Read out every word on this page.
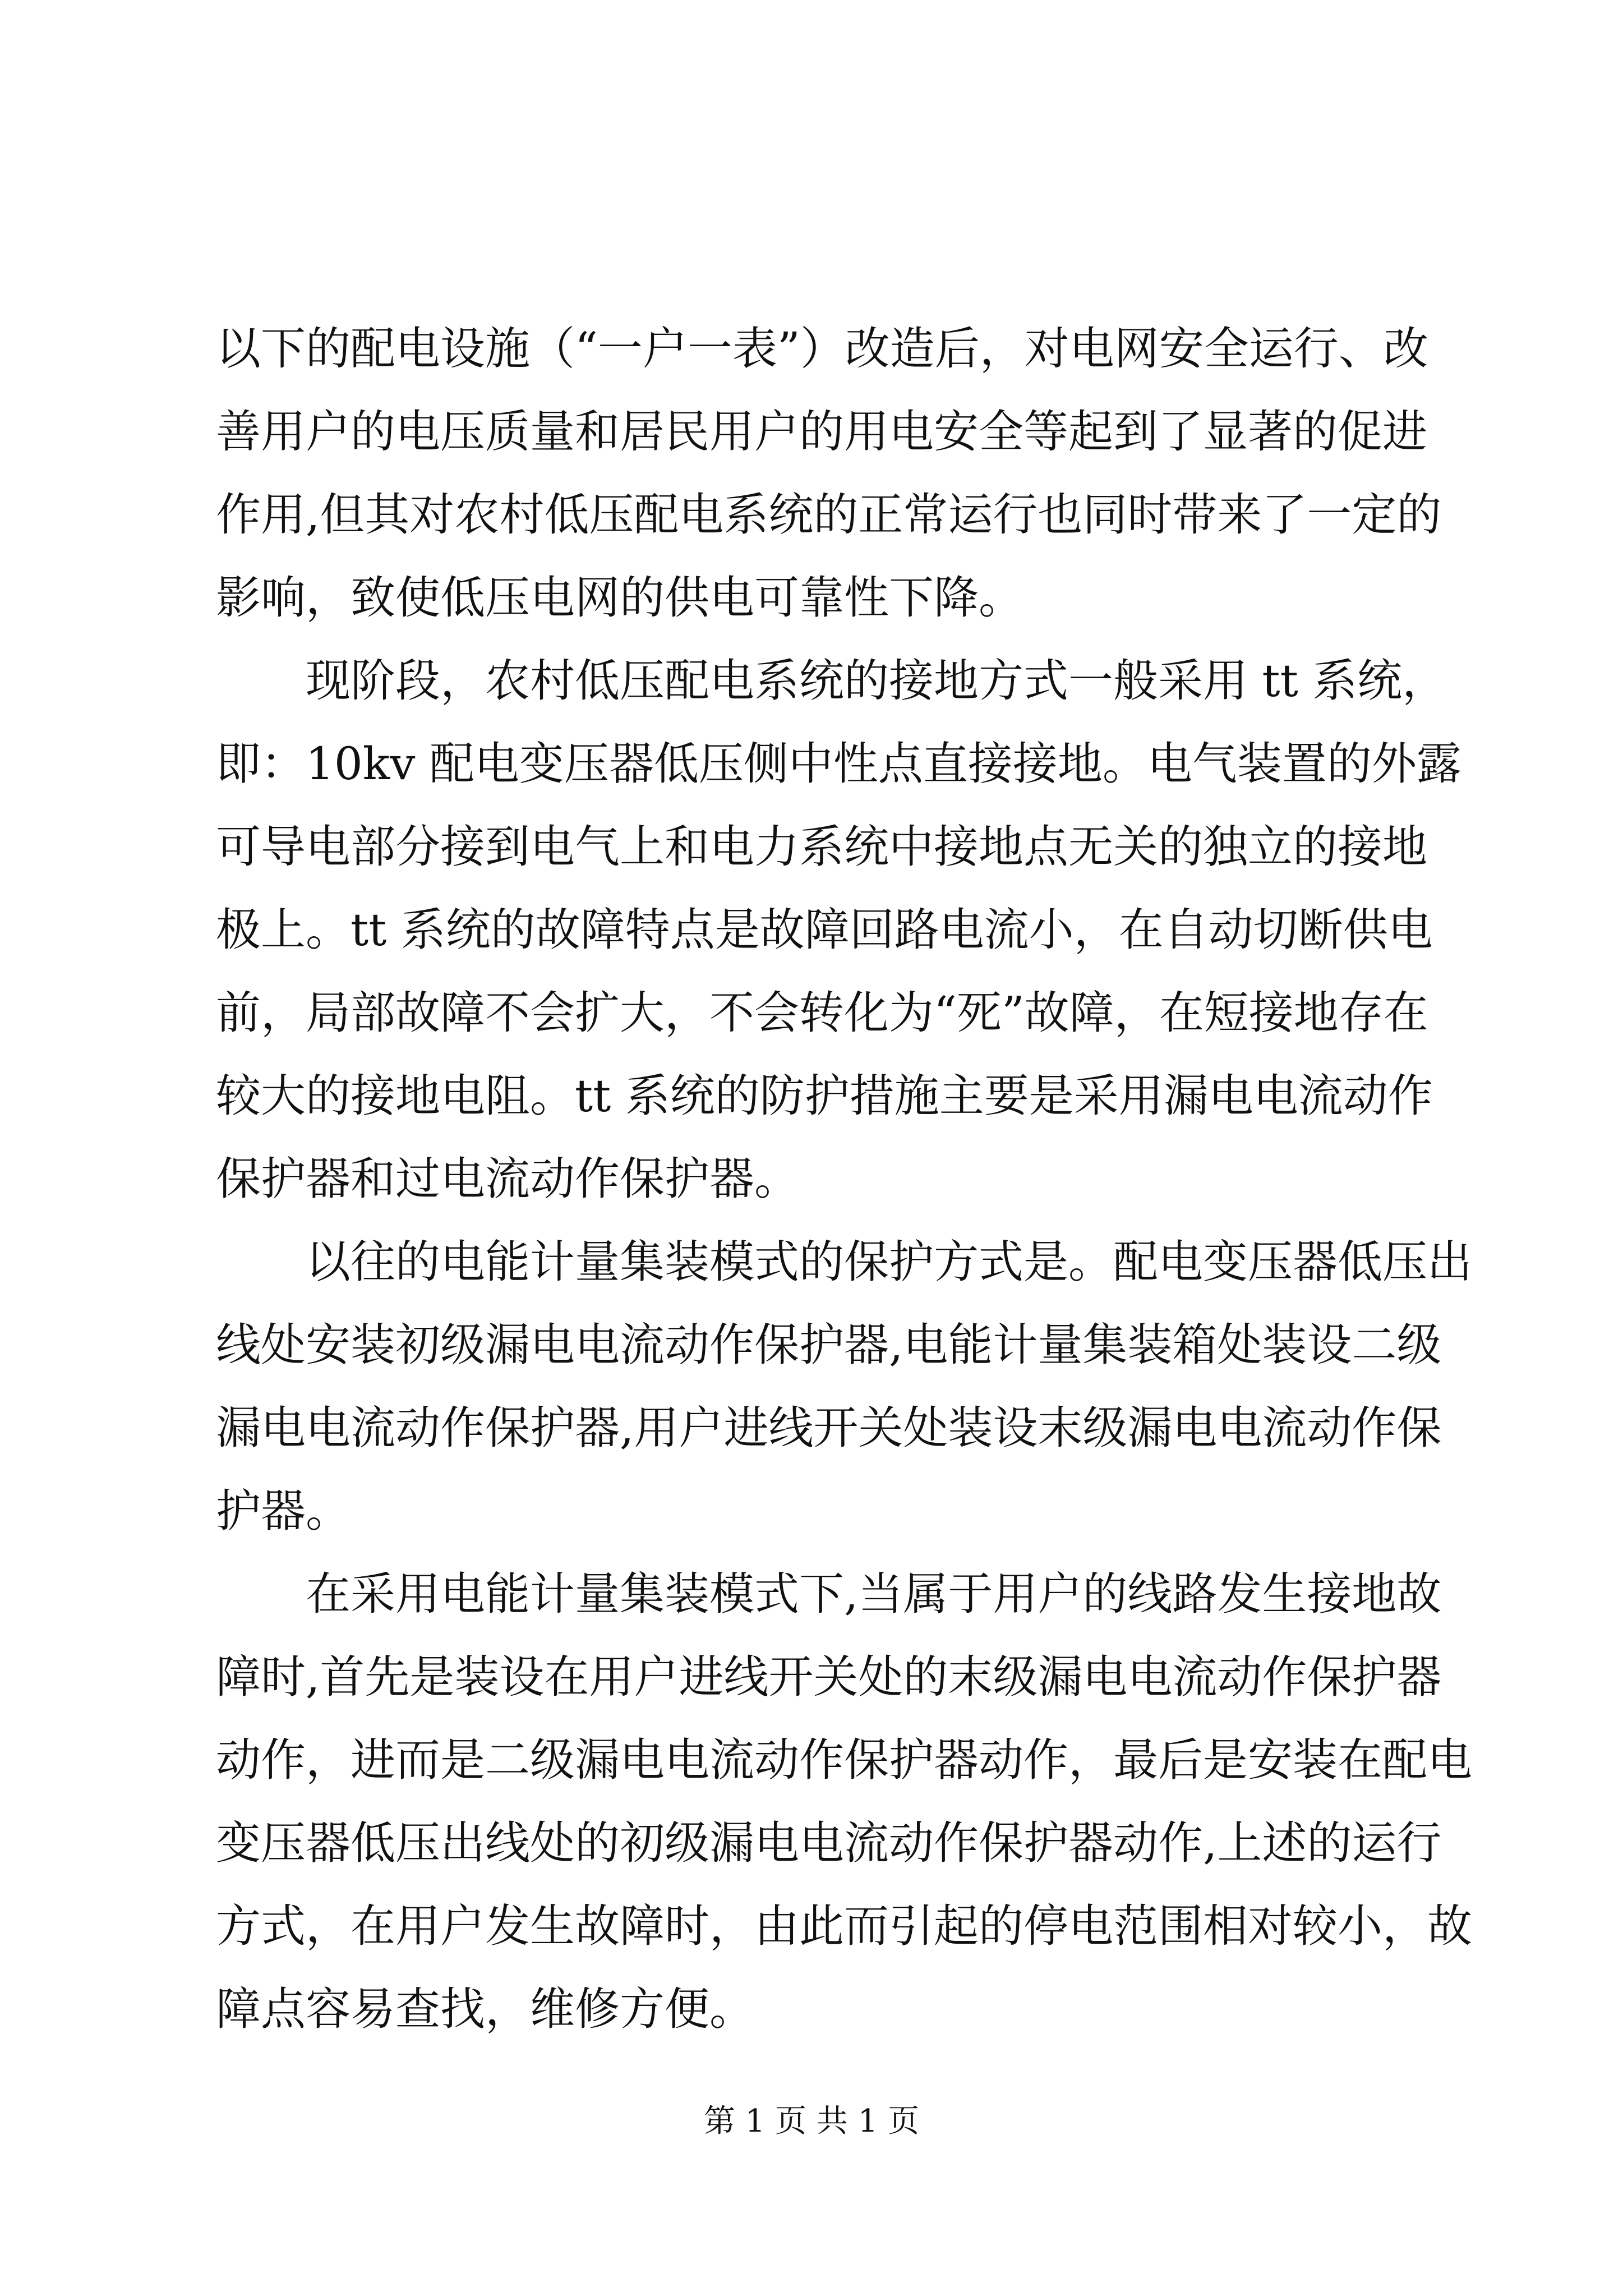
以下的配电设施（“一户一表”）改造后，对电网安全运行、改
善用户的电压质量和居民用户的用电安全等起到了显著的促进
作用,但其对农村低压配电系统的正常运行也同时带来了一定的
影响，致使低压电网的供电可靠性下降。
现阶段，农村低压配电系统的接地方式一般采用 tt 系统，
即：10kv 配电变压器低压侧中性点直接接地。电气装置的外露
可导电部分接到电气上和电力系统中接地点无关的独立的接地
极上。tt 系统的故障特点是故障回路电流小，在自动切断供电
前，局部故障不会扩大，不会转化为“死”故障，在短接地存在
较大的接地电阻。tt 系统的防护措施主要是采用漏电电流动作
保护器和过电流动作保护器。
以往的电能计量集装模式的保护方式是。配电变压器低压出
线处安装初级漏电电流动作保护器,电能计量集装箱处装设二级
漏电电流动作保护器,用户进线开关处装设末级漏电电流动作保
护器。
在采用电能计量集装模式下,当属于用户的线路发生接地故
障时,首先是装设在用户进线开关处的末级漏电电流动作保护器
动作，进而是二级漏电电流动作保护器动作，最后是安装在配电
变压器低压出线处的初级漏电电流动作保护器动作,上述的运行
方式，在用户发生故障时，由此而引起的停电范围相对较小，故
障点容易查找，维修方便。
第 1 页 共 1 页
